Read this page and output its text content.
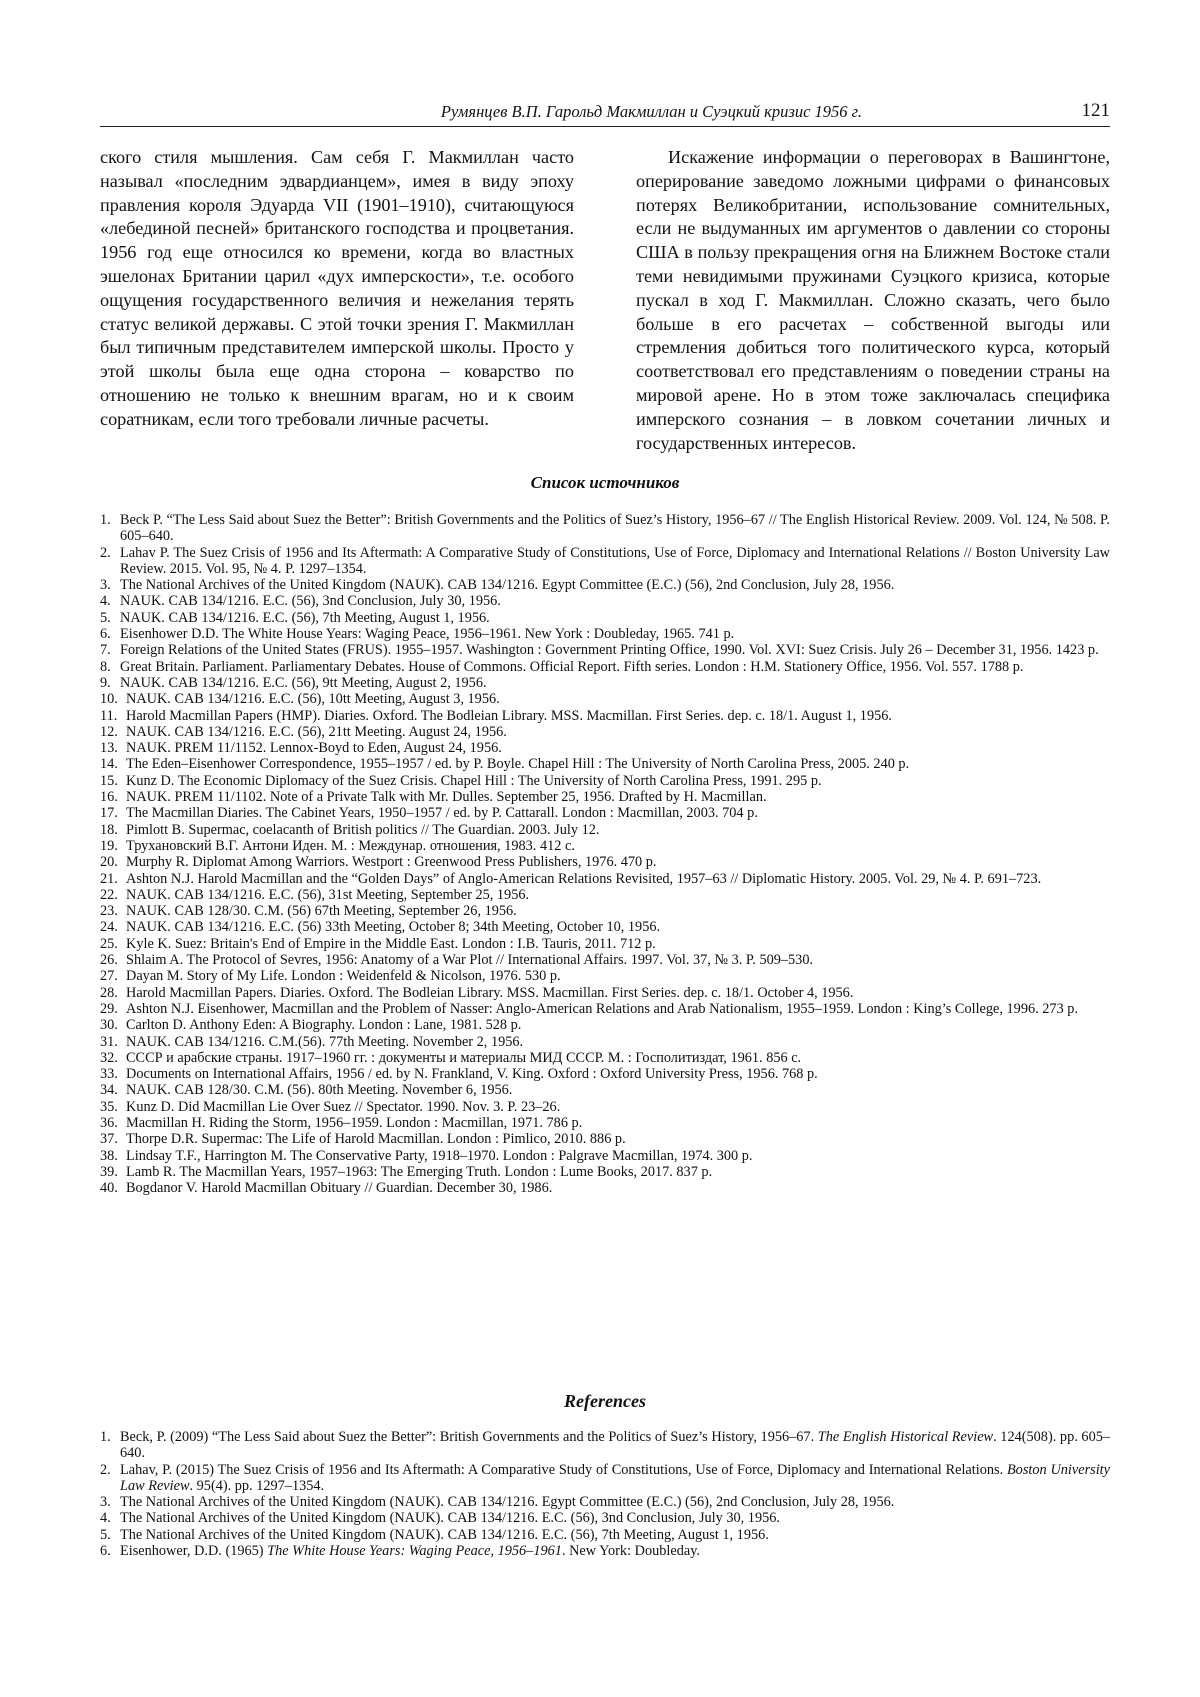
Румянцев В.П. Гарольд Макмиллан и Суэцкий кризис 1956 г.	121

ского стиля мышления. Сам себя Г. Макмиллан часто называл «последним эдвардианцем», имея в виду эпоху правления короля Эдуарда VII (1901–1910), считающуюся «лебединой песней» британского господства и процветания. 1956 год еще относился ко времени, когда во властных эшелонах Британии царил «дух имперскости», т.е. особого ощущения государственного величия и нежелания терять статус великой державы. С этой точки зрения Г. Макмиллан был типичным представителем имперской школы. Просто у этой школы была еще одна сторона – коварство по отношению не только к внешним врагам, но и к своим соратникам, если того требовали личные расчеты.

Искажение информации о переговорах в Вашингтоне, оперирование заведомо ложными цифрами о финансовых потерях Великобритании, использование сомнительных, если не выдуманных им аргументов о давлении со стороны США в пользу прекращения огня на Ближнем Востоке стали теми невидимыми пружинами Суэцкого кризиса, которые пускал в ход Г. Макмиллан. Сложно сказать, чего было больше в его расчетах – собственной выгоды или стремления добиться того политического курса, который соответствовал его представлениям о поведении страны на мировой арене. Но в этом тоже заключалась специфика имперского сознания – в ловком сочетании личных и государственных интересов.

Список источников
1. Beck P. “The Less Said about Suez the Better”: British Governments and the Politics of Suez’s History, 1956–67 // The English Historical Review. 2009. Vol. 124, № 508. P. 605–640.
2. Lahav P. The Suez Crisis of 1956 and Its Aftermath: A Comparative Study of Constitutions, Use of Force, Diplomacy and International Relations // Boston University Law Review. 2015. Vol. 95, № 4. P. 1297–1354.
3. The National Archives of the United Kingdom (NAUK). CAB 134/1216. Egypt Committee (E.C.) (56), 2nd Conclusion, July 28, 1956.
4. NAUK. CAB 134/1216. E.C. (56), 3nd Conclusion, July 30, 1956.
5. NAUK. CAB 134/1216. E.C. (56), 7th Meeting, August 1, 1956.
6. Eisenhower D.D. The White House Years: Waging Peace, 1956–1961. New York : Doubleday, 1965. 741 p.
7. Foreign Relations of the United States (FRUS). 1955–1957. Washington : Government Printing Office, 1990. Vol. XVI: Suez Crisis. July 26 – December 31, 1956. 1423 p.
8. Great Britain. Parliament. Parliamentary Debates. House of Commons. Official Report. Fifth series. London : H.M. Stationery Office, 1956. Vol. 557. 1788 p.
9. NAUK. CAB 134/1216. E.C. (56), 9tt Meeting, August 2, 1956.
10. NAUK. CAB 134/1216. E.C. (56), 10tt Meeting, August 3, 1956.
11. Harold Macmillan Papers (HMP). Diaries. Oxford. The Bodleian Library. MSS. Macmillan. First Series. dep. c. 18/1. August 1, 1956.
12. NAUK. CAB 134/1216. E.C. (56), 21tt Meeting. August 24, 1956.
13. NAUK. PREM 11/1152. Lennox-Boyd to Eden, August 24, 1956.
14. The Eden–Eisenhower Correspondence, 1955–1957 / ed. by P. Boyle. Chapel Hill : The University of North Carolina Press, 2005. 240 p.
15. Kunz D. The Economic Diplomacy of the Suez Crisis. Chapel Hill : The University of North Carolina Press, 1991. 295 p.
16. NAUK. PREM 11/1102. Note of a Private Talk with Mr. Dulles. September 25, 1956. Drafted by H. Macmillan.
17. The Macmillan Diaries. The Cabinet Years, 1950–1957 / ed. by P. Cattarall. London : Macmillan, 2003. 704 p.
18. Pimlott B. Supermac, coelacanth of British politics // The Guardian. 2003. July 12.
19. Трухановский В.Г. Антони Иден. М. : Междунар. отношения, 1983. 412 с.
20. Murphy R. Diplomat Among Warriors. Westport : Greenwood Press Publishers, 1976. 470 p.
21. Ashton N.J. Harold Macmillan and the “Golden Days” of Anglo-American Relations Revisited, 1957–63 // Diplomatic History. 2005. Vol. 29, № 4. P. 691–723.
22. NAUK. CAB 134/1216. E.C. (56), 31st Meeting, September 25, 1956.
23. NAUK. CAB 128/30. C.M. (56) 67th Meeting, September 26, 1956.
24. NAUK. CAB 134/1216. E.C. (56) 33th Meeting, October 8; 34th Meeting, October 10, 1956.
25. Kyle K. Suez: Britain's End of Empire in the Middle East. London : I.B. Tauris, 2011. 712 p.
26. Shlaim A. The Protocol of Sevres, 1956: Anatomy of a War Plot // International Affairs. 1997. Vol. 37, № 3. P. 509–530.
27. Dayan M. Story of My Life. London : Weidenfeld & Nicolson, 1976. 530 p.
28. Harold Macmillan Papers. Diaries. Oxford. The Bodleian Library. MSS. Macmillan. First Series. dep. c. 18/1. October 4, 1956.
29. Ashton N.J. Eisenhower, Macmillan and the Problem of Nasser: Anglo-American Relations and Arab Nationalism, 1955–1959. London : King’s College, 1996. 273 p.
30. Carlton D. Anthony Eden: A Biography. London : Lane, 1981. 528 p.
31. NAUK. CAB 134/1216. C.M.(56). 77th Meeting. November 2, 1956.
32. СССР и арабские страны. 1917–1960 гг. : документы и материалы МИД СССР. М. : Госполитиздат, 1961. 856 с.
33. Documents on International Affairs, 1956 / ed. by N. Frankland, V. King. Oxford : Oxford University Press, 1956. 768 p.
34. NAUK. CAB 128/30. C.M. (56). 80th Meeting. November 6, 1956.
35. Kunz D. Did Macmillan Lie Over Suez // Spectator. 1990. Nov. 3. P. 23–26.
36. Macmillan H. Riding the Storm, 1956–1959. London : Macmillan, 1971. 786 p.
37. Thorpe D.R. Supermac: The Life of Harold Macmillan. London : Pimlico, 2010. 886 p.
38. Lindsay T.F., Harrington M. The Conservative Party, 1918–1970. London : Palgrave Macmillan, 1974. 300 p.
39. Lamb R. The Macmillan Years, 1957–1963: The Emerging Truth. London : Lume Books, 2017. 837 p.
40. Bogdanor V. Harold Macmillan Obituary // Guardian. December 30, 1986.
References
1. Beck, P. (2009) “The Less Said about Suez the Better”: British Governments and the Politics of Suez’s History, 1956–67. The English Historical Review. 124(508). pp. 605–640.
2. Lahav, P. (2015) The Suez Crisis of 1956 and Its Aftermath: A Comparative Study of Constitutions, Use of Force, Diplomacy and International Relations. Boston University Law Review. 95(4). pp. 1297–1354.
3. The National Archives of the United Kingdom (NAUK). CAB 134/1216. Egypt Committee (E.C.) (56), 2nd Conclusion, July 28, 1956.
4. The National Archives of the United Kingdom (NAUK). CAB 134/1216. E.C. (56), 3nd Conclusion, July 30, 1956.
5. The National Archives of the United Kingdom (NAUK). CAB 134/1216. E.C. (56), 7th Meeting, August 1, 1956.
6. Eisenhower, D.D. (1965) The White House Years: Waging Peace, 1956–1961. New York: Doubleday.
